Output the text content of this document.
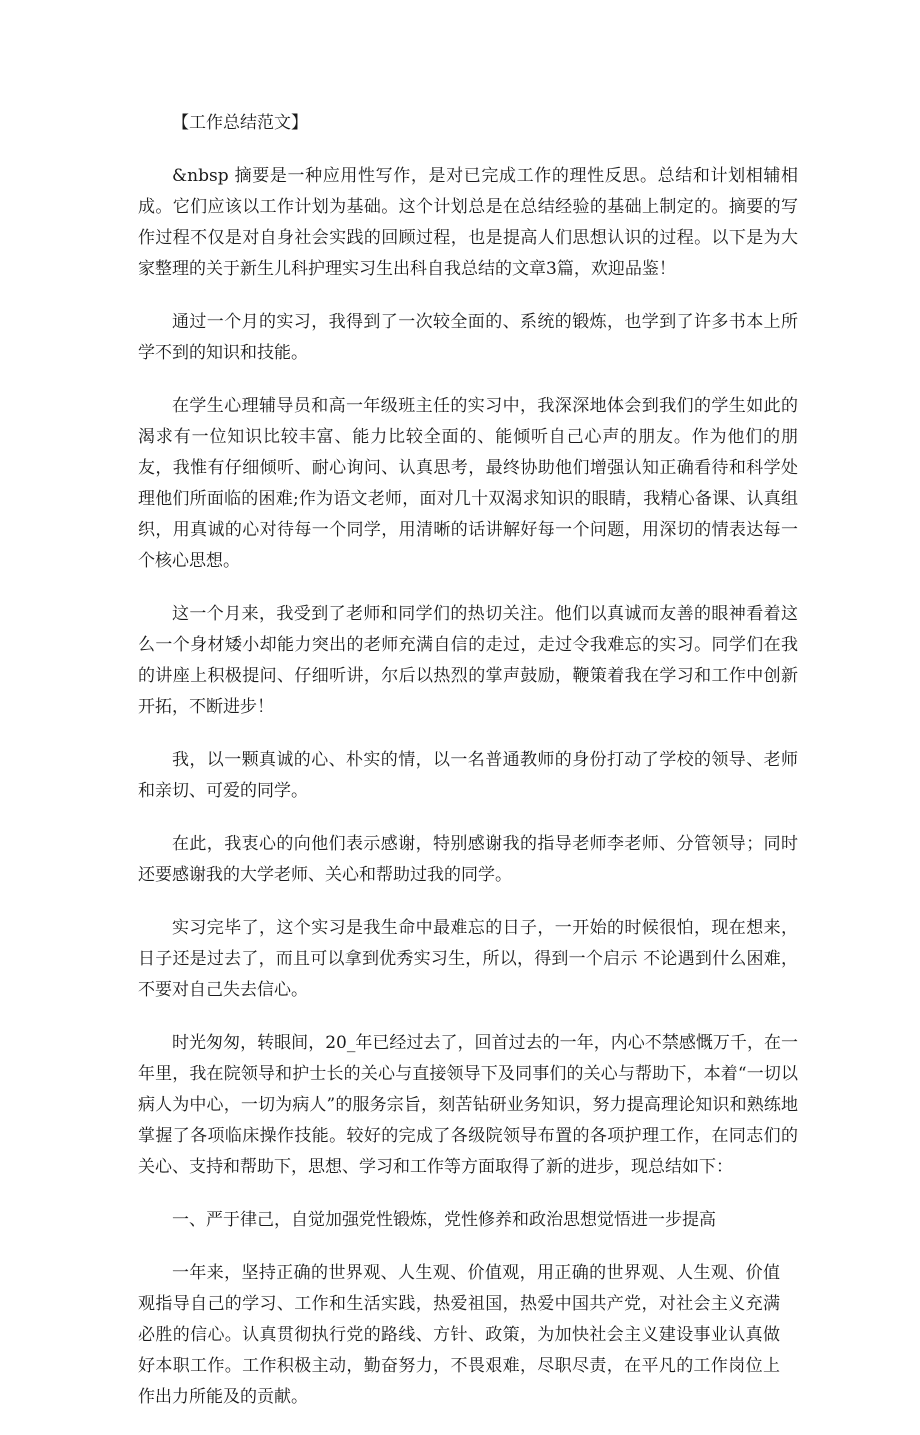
【工作总结范文】

&nbsp 摘要是一种应用性写作，是对已完成工作的理性反思。总结和计划相辅相成。它们应该以工作计划为基础。这个计划总是在总结经验的基础上制定的。摘要的写作过程不仅是对自身社会实践的回顾过程，也是提高人们思想认识的过程。以下是为大家整理的关于新生儿科护理实习生出科自我总结的文章3篇，欢迎品鉴！

通过一个月的实习，我得到了一次较全面的、系统的锻炼，也学到了许多书本上所学不到的知识和技能。

在学生心理辅导员和高一年级班主任的实习中，我深深地体会到我们的学生如此的渴求有一位知识比较丰富、能力比较全面的、能倾听自己心声的朋友。作为他们的朋友，我惟有仔细倾听、耐心询问、认真思考，最终协助他们增强认知正确看待和科学处理他们所面临的困难;作为语文老师，面对几十双渴求知识的眼睛，我精心备课、认真组织，用真诚的心对待每一个同学，用清晰的话讲解好每一个问题，用深切的情表达每一个核心思想。

这一个月来，我受到了老师和同学们的热切关注。他们以真诚而友善的眼神看着这么一个身材矮小却能力突出的老师充满自信的走过，走过令我难忘的实习。同学们在我的讲座上积极提问、仔细听讲，尔后以热烈的掌声鼓励，鞭策着我在学习和工作中创新开拓，不断进步！

我，以一颗真诚的心、朴实的情，以一名普通教师的身份打动了学校的领导、老师和亲切、可爱的同学。

在此，我衷心的向他们表示感谢，特别感谢我的指导老师李老师、分管领导；同时还要感谢我的大学老师、关心和帮助过我的同学。

实习完毕了，这个实习是我生命中最难忘的日子，一开始的时候很怕，现在想来，日子还是过去了，而且可以拿到优秀实习生，所以，得到一个启示 不论遇到什么困难，不要对自己失去信心。

时光匆匆，转眼间，20_年已经过去了，回首过去的一年，内心不禁感慨万千，在一年里，我在院领导和护士长的关心与直接领导下及同事们的关心与帮助下，本着“一切以病人为中心，一切为病人”的服务宗旨，刻苦钻研业务知识，努力提高理论知识和熟练地掌握了各项临床操作技能。较好的完成了各级院领导布置的各项护理工作，在同志们的关心、支持和帮助下，思想、学习和工作等方面取得了新的进步，现总结如下：

一、严于律己，自觉加强党性锻炼，党性修养和政治思想觉悟进一步提高

一年来，坚持正确的世界观、人生观、价值观，用正确的世界观、人生观、价值观指导自己的学习、工作和生活实践，热爱祖国，热爱中国共产党，对社会主义充满必胜的信心。认真贯彻执行党的路线、方针、政策，为加快社会主义建设事业认真做好本职工作。工作积极主动，勤奋努力，不畏艰难，尽职尽责，在平凡的工作岗位上作出力所能及的贡献。
